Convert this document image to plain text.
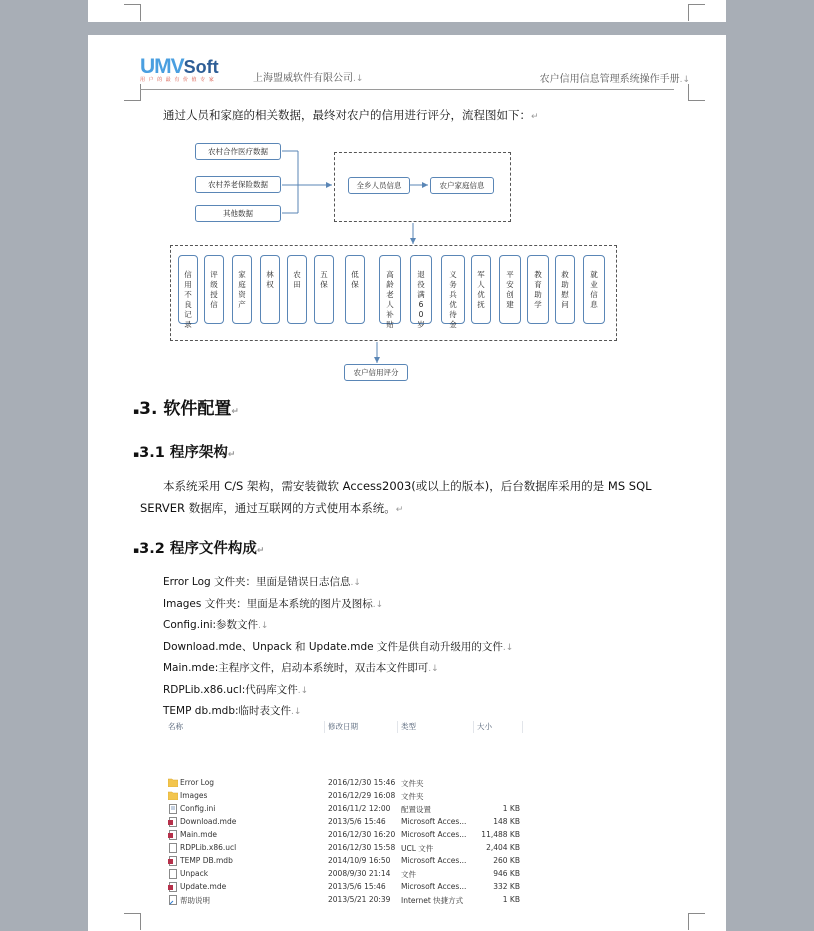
UMVSoft
用 户 的 最 有 价 值 专 家	上海盟威软件有限公司.↓	农户信用信息管理系统操作手册.↓
通过人员和家庭的相关数据，最终对农户的信用进行评分，流程图如下：↵
农村合作医疗数据
农村养老保险数据
其他数据
全乡人员信息	农户家庭信息
信
用
不
良
记
录
评
级
授
信
家
庭
资
产
林
权
农
田
五
保
低
保
高
龄
老
人
补
贴
退
役
满
6
0
岁
义
务
兵
优
待
金
军
人
优
抚
平
安
创
建
教
育
助
学
救
助
慰
问
就
业
信
息
农户信用评分
▪3. 软件配置↵
▪3.1 程序架构↵
本系统采用 C/S 架构，需安装微软 Access2003(或以上的版本)，后台数据库采用的是 MS SQL
SERVER 数据库，通过互联网的方式使用本系统。↵
▪3.2 程序文件构成↵
Error Log 文件夹：里面是错误日志信息.↓
Images 文件夹：里面是本系统的图片及图标.↓
Config.ini:参数文件.↓
Download.mde、Unpack 和 Update.mde 文件是供自动升级用的文件.↓
Main.mde:主程序文件，启动本系统时，双击本文件即可.↓
RDPLib.x86.ucl:代码库文件.↓
TEMP db.mdb:临时表文件.↓
名称	修改日期	类型	大小
Error Log	2016/12/30 15:46 文件夹
Images	2016/12/29 16:08 文件夹
Config.ini	2016/11/2 12:00 配置设置	1 KB
Download.mde	2013/5/6 15:46 Microsoft Acces...	148 KB
Main.mde	2016/12/30 16:20 Microsoft Acces... 11,488 KB
RDPLib.x86.ucl	2016/12/30 15:58 UCL 文件	2,404 KB
TEMP DB.mdb	2014/10/9 16:50 Microsoft Acces...	260 KB
Unpack	2008/9/30 21:14 文件	946 KB
Update.mde	2013/5/6 15:46 Microsoft Acces...	332 KB
帮助说明	2013/5/21 20:39 Internet 快捷方式	1 KB
